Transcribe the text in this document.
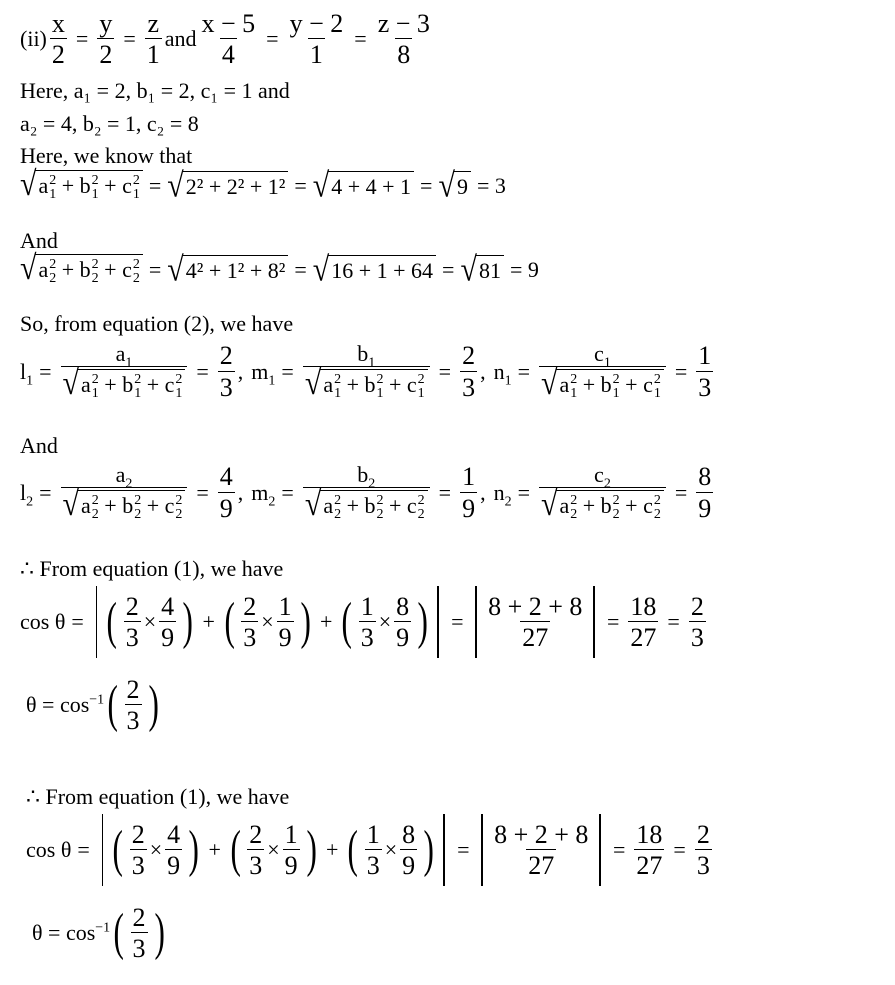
$(ii) \frac{x}{2} = \frac{y}{2} = \frac{z}{1}$ and $\frac{x - 5}{4} = \frac{y - 2}{1} = \frac{z - 3}{8}$
Here, a₁ = 2, b₁ = 2, c₁ = 1 and
a₂ = 4, b₂ = 1, c₂ = 8
Here, we know that
√ a 2
1 + b 2
1 + c 2
1 = √ 2² + 2² + 1² = √ 4 + 4 + 1 = √ 9 = 3
And
√ a 2
2 + b 2
2 + c 2
2 = √ 4² + 1² + 8² = √ 16 + 1 + 64 = √ 81 = 9
So, from equation (2), we have
$l_1 = a_1$
√ a 2
1 + b 2
1 + c 2
$1 = \frac{2}{3}$ , $m_1 = b_1$
√ a 2
1 + b 2
1 + c 2
$1 = \frac{2}{3}$ , $n_1 = c_1$
√ a 2
1 + b 2
1 + c 2
$1 = \frac{1}{3}$
And
$l_2 = a_2$
√ a 2
2 + b 2
2 + c 2
$2 = \frac{4}{9}$ , $m_2 = b_2$
√ a 2
2 + b 2
2 + c 2
$2 = \frac{1}{9}$ , $n_2 = c_2$
√ a 2
2 + b 2
2 + c 2
$2 = \frac{8}{9}$
∴ From equation (1), we have
cos θ = ( 2
3
×
4
9 ) + ( 2
3
×
1
9 ) + ( 1
3
×
8
9 ) =
8 + 2 + 8
27
= $\frac{18}{27} = \frac{2}{3}$
$\theta = \cos^{-1}$ ( 2
3 )
∴ From equation (1), we have
cos θ = ( 2
3
×
4
9 ) + ( 2
3
×
1
9 ) + ( 1
3
×
8
9 ) =
8 + 2 + 8
27
= $\frac{18}{27} = \frac{2}{3}$
$\theta = \cos^{-1}$ ( 2
3 )
